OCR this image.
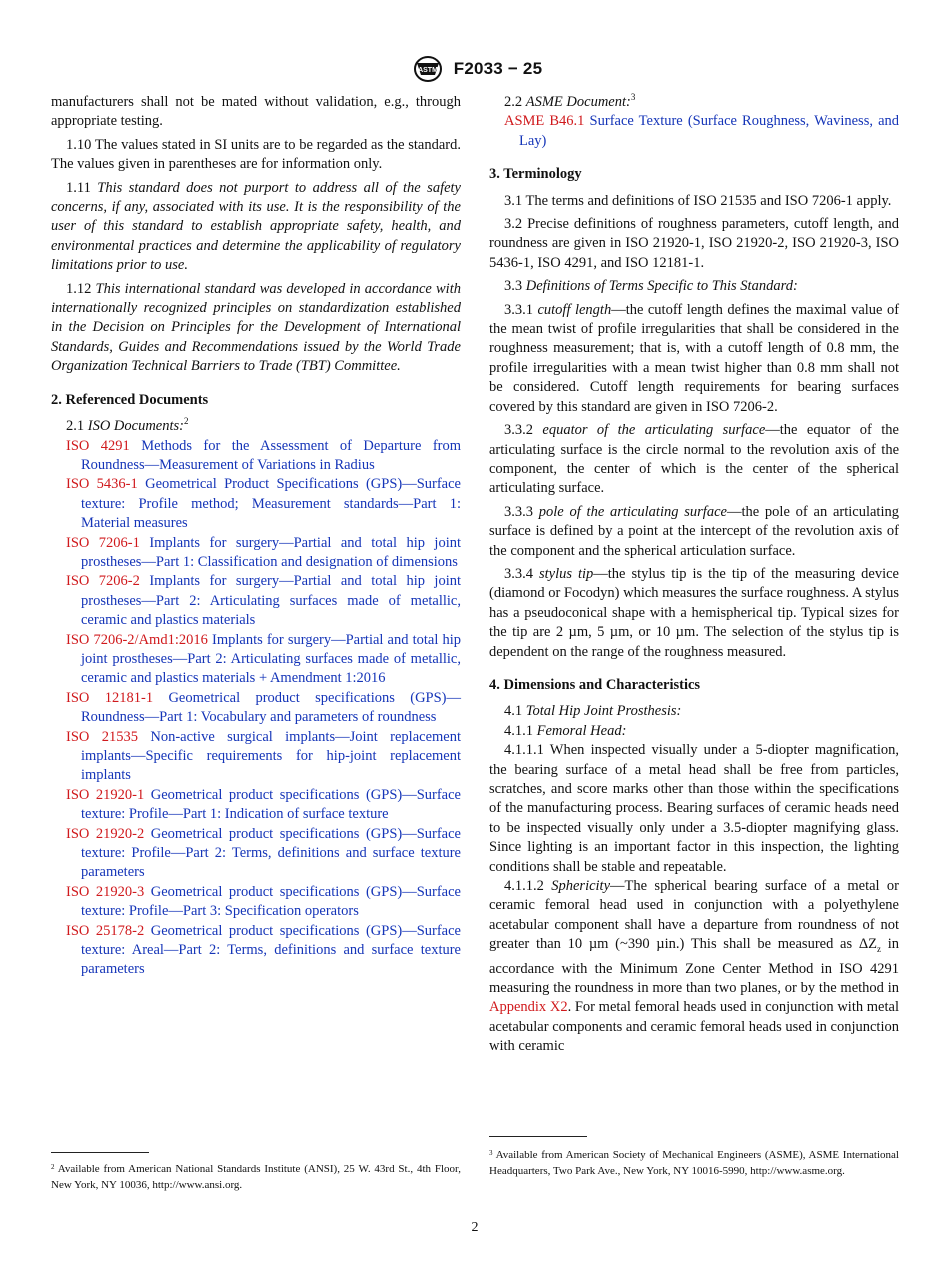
ASTM F2033 − 25

manufacturers shall not be mated without validation, e.g., through appropriate testing.

1.10 The values stated in SI units are to be regarded as the standard. The values given in parentheses are for information only.

1.11 This standard does not purport to address all of the safety concerns, if any, associated with its use. It is the responsibility of the user of this standard to establish appropriate safety, health, and environmental practices and determine the applicability of regulatory limitations prior to use.

1.12 This international standard was developed in accordance with internationally recognized principles on standardization established in the Decision on Principles for the Development of International Standards, Guides and Recommendations issued by the World Trade Organization Technical Barriers to Trade (TBT) Committee.

2. Referenced Documents

2.1 ISO Documents:$^2$

ISO 4291 Methods for the Assessment of Departure from Roundness—Measurement of Variations in Radius

ISO 5436-1 Geometrical Product Specifications (GPS)—Surface texture: Profile method; Measurement standards—Part 1: Material measures

ISO 7206-1 Implants for surgery—Partial and total hip joint prostheses—Part 1: Classification and designation of dimensions

ISO 7206-2 Implants for surgery—Partial and total hip joint prostheses—Part 2: Articulating surfaces made of metallic, ceramic and plastics materials

ISO 7206-2/Amd1:2016 Implants for surgery—Partial and total hip joint prostheses—Part 2: Articulating surfaces made of metallic, ceramic and plastics materials + Amendment 1:2016

ISO 12181-1 Geometrical product specifications (GPS)—Roundness—Part 1: Vocabulary and parameters of roundness

ISO 21535 Non-active surgical implants—Joint replacement implants—Specific requirements for hip-joint replacement implants

ISO 21920-1 Geometrical product specifications (GPS)—Surface texture: Profile—Part 1: Indication of surface texture

ISO 21920-2 Geometrical product specifications (GPS)—Surface texture: Profile—Part 2: Terms, definitions and surface texture parameters

ISO 21920-3 Geometrical product specifications (GPS)—Surface texture: Profile—Part 3: Specification operators

ISO 25178-2 Geometrical product specifications (GPS)—Surface texture: Areal—Part 2: Terms, definitions and surface texture parameters

2.2 ASME Document:$^3$

ASME B46.1 Surface Texture (Surface Roughness, Waviness, and Lay)

3. Terminology

3.1 The terms and definitions of ISO 21535 and ISO 7206-1 apply.

3.2 Precise definitions of roughness parameters, cutoff length, and roundness are given in ISO 21920-1, ISO 21920-2, ISO 21920-3, ISO 5436-1, ISO 4291, and ISO 12181-1.

3.3 Definitions of Terms Specific to This Standard:

3.3.1 cutoff length—the cutoff length defines the maximal value of the mean twist of profile irregularities that shall be considered in the roughness measurement; that is, with a cutoff length of 0.8 mm, the profile irregularities with a mean twist higher than 0.8 mm shall not be considered. Cutoff length requirements for bearing surfaces covered by this standard are given in ISO 7206-2.

3.3.2 equator of the articulating surface—the equator of the articulating surface is the circle normal to the revolution axis of the component, the center of which is the center of the spherical articulating surface.

3.3.3 pole of the articulating surface—the pole of an articulating surface is defined by a point at the intercept of the revolution axis of the component and the spherical articulation surface.

3.3.4 stylus tip—the stylus tip is the tip of the measuring device (diamond or Focodyn) which measures the surface roughness. A stylus has a pseudoconical shape with a hemispherical tip. Typical sizes for the tip are 2 µm, 5 µm, or 10 µm. The selection of the stylus tip is dependent on the range of the roughness measured.

4. Dimensions and Characteristics

4.1 Total Hip Joint Prosthesis:

4.1.1 Femoral Head:

4.1.1.1 When inspected visually under a 5-diopter magnification, the bearing surface of a metal head shall be free from particles, scratches, and score marks other than those within the specifications of the manufacturing process. Bearing surfaces of ceramic heads need to be inspected visually only under a 3.5-diopter magnifying glass. Since lighting is an important factor in this inspection, the lighting conditions shall be stable and repeatable.

4.1.1.2 Sphericity—The spherical bearing surface of a metal or ceramic femoral head used in conjunction with a polyethylene acetabular component shall have a departure from roundness of not greater than 10 µm (~390 µin.) This shall be measured as $\Delta Z_z$ in accordance with the Minimum Zone Center Method in ISO 4291 measuring the roundness in more than two planes, or by the method in Appendix X2. For metal femoral heads used in conjunction with metal acetabular components and ceramic femoral heads used in conjunction with ceramic

$^2$ Available from American National Standards Institute (ANSI), 25 W. 43rd St., 4th Floor, New York, NY 10036, http://www.ansi.org.
$^3$ Available from American Society of Mechanical Engineers (ASME), ASME International Headquarters, Two Park Ave., New York, NY 10016-5990, http://www.asme.org.
2
